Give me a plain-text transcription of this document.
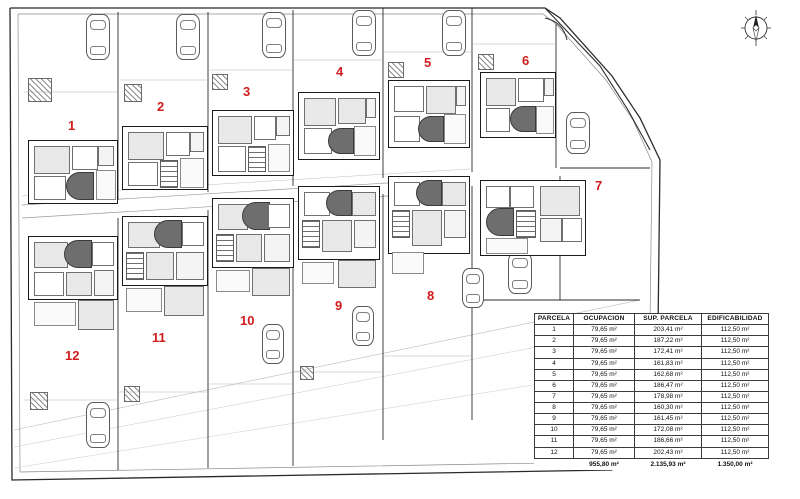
1
2
3
4
5	6
7
8
9
10
11
12
PARCELA	OCUPACION	SUP. PARCELA	EDIFICABILIDAD
1	79,65 m²	203,41 m²	112,50 m²
2	79,65 m²	187,22 m²	112,50 m²
3	79,65 m²	172,41 m²	112,50 m²
4	79,65 m²	161,83 m²	112,50 m²
5	79,65 m²	162,68 m²	112,50 m²
6	79,65 m²	186,47 m²	112,50 m²
7	79,65 m²	178,98 m²	112,50 m²
8	79,65 m²	160,30 m²	112,50 m²
9	79,65 m²	161,45 m²	112,50 m²
10	79,65 m²	172,08 m²	112,50 m²
11	79,65 m²	186,66 m²	112,50 m²
12	79,65 m²	202,43 m²	112,50 m²
	955,80 m²	2.135,93 m²	1.350,00 m²
